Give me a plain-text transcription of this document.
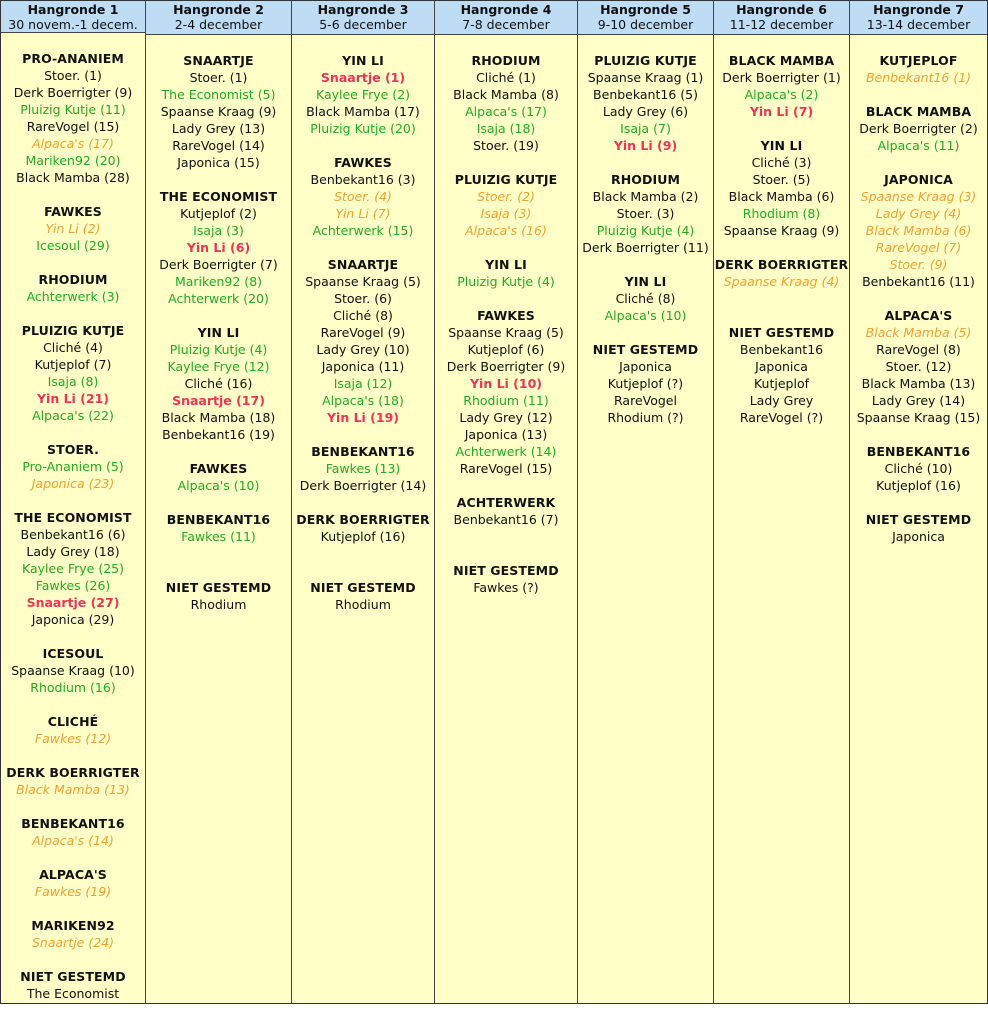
Hangronde 1
30 novem.-1 decem.
PRO-ANANIEM
Stoer. (1)
Derk Boerrigter (9)
Pluizig Kutje (11)
RareVogel (15)
Alpaca's (17)
Mariken92 (20)
Black Mamba (28)
FAWKES
Yin Li (2)
Icesoul (29)
RHODIUM
Achterwerk (3)
PLUIZIG KUTJE
Cliché (4)
Kutjeplof (7)
Isaja (8)
Yin Li (21)
Alpaca's (22)
STOER.
Pro-Ananiem (5)
Japonica (23)
THE ECONOMIST
Benbekant16 (6)
Lady Grey (18)
Kaylee Frye (25)
Fawkes (26)
Snaartje (27)
Japonica (29)
ICESOUL
Spaanse Kraag (10)
Rhodium (16)
CLICHÉ
Fawkes (12)
DERK BOERRIGTER
Black Mamba (13)
BENBEKANT16
Alpaca's (14)
ALPACA'S
Fawkes (19)
MARIKEN92
Snaartje (24)
NIET GESTEMD
The Economist
Hangronde 2
2-4 december
SNAARTJE
Stoer. (1)
The Economist (5)
Spaanse Kraag (9)
Lady Grey (13)
RareVogel (14)
Japonica (15)
THE ECONOMIST
Kutjeplof (2)
Isaja (3)
Yin Li (6)
Derk Boerrigter (7)
Mariken92 (8)
Achterwerk (20)
YIN LI
Pluizig Kutje (4)
Kaylee Frye (12)
Cliché (16)
Snaartje (17)
Black Mamba (18)
Benbekant16 (19)
FAWKES
Alpaca's (10)
BENBEKANT16
Fawkes (11)
NIET GESTEMD
Rhodium
Hangronde 3
5-6 december
YIN LI
Snaartje (1)
Kaylee Frye (2)
Black Mamba (17)
Pluizig Kutje (20)
FAWKES
Benbekant16 (3)
Stoer. (4)
Yin Li (7)
Achterwerk (15)
SNAARTJE
Spaanse Kraag (5)
Stoer. (6)
Cliché (8)
RareVogel (9)
Lady Grey (10)
Japonica (11)
Isaja (12)
Alpaca's (18)
Yin Li (19)
BENBEKANT16
Fawkes (13)
Derk Boerrigter (14)
DERK BOERRIGTER
Kutjeplof (16)
NIET GESTEMD
Rhodium
Hangronde 4
7-8 december
RHODIUM
Cliché (1)
Black Mamba (8)
Alpaca's (17)
Isaja (18)
Stoer. (19)
PLUIZIG KUTJE
Stoer. (2)
Isaja (3)
Alpaca's (16)
YIN LI
Pluizig Kutje (4)
FAWKES
Spaanse Kraag (5)
Kutjeplof (6)
Derk Boerrigter (9)
Yin Li (10)
Rhodium (11)
Lady Grey (12)
Japonica (13)
Achterwerk (14)
RareVogel (15)
ACHTERWERK
Benbekant16 (7)
NIET GESTEMD
Fawkes (?)
Hangronde 5
9-10 december
PLUIZIG KUTJE
Spaanse Kraag (1)
Benbekant16 (5)
Lady Grey (6)
Isaja (7)
Yin Li (9)
RHODIUM
Black Mamba (2)
Stoer. (3)
Pluizig Kutje (4)
Derk Boerrigter (11)
YIN LI
Cliché (8)
Alpaca's (10)
NIET GESTEMD
Japonica
Kutjeplof (?)
RareVogel
Rhodium (?)
Hangronde 6
11-12 december
BLACK MAMBA
Derk Boerrigter (1)
Alpaca's (2)
Yin Li (7)
YIN LI
Cliché (3)
Stoer. (5)
Black Mamba (6)
Rhodium (8)
Spaanse Kraag (9)
DERK BOERRIGTER
Spaanse Kraag (4)
NIET GESTEMD
Benbekant16
Japonica
Kutjeplof
Lady Grey
RareVogel (?)
Hangronde 7
13-14 december
KUTJEPLOF
Benbekant16 (1)
BLACK MAMBA
Derk Boerrigter (2)
Alpaca's (11)
JAPONICA
Spaanse Kraag (3)
Lady Grey (4)
Black Mamba (6)
RareVogel (7)
Stoer. (9)
Benbekant16 (11)
ALPACA'S
Black Mamba (5)
RareVogel (8)
Stoer. (12)
Black Mamba (13)
Lady Grey (14)
Spaanse Kraag (15)
BENBEKANT16
Cliché (10)
Kutjeplof (16)
NIET GESTEMD
Japonica
